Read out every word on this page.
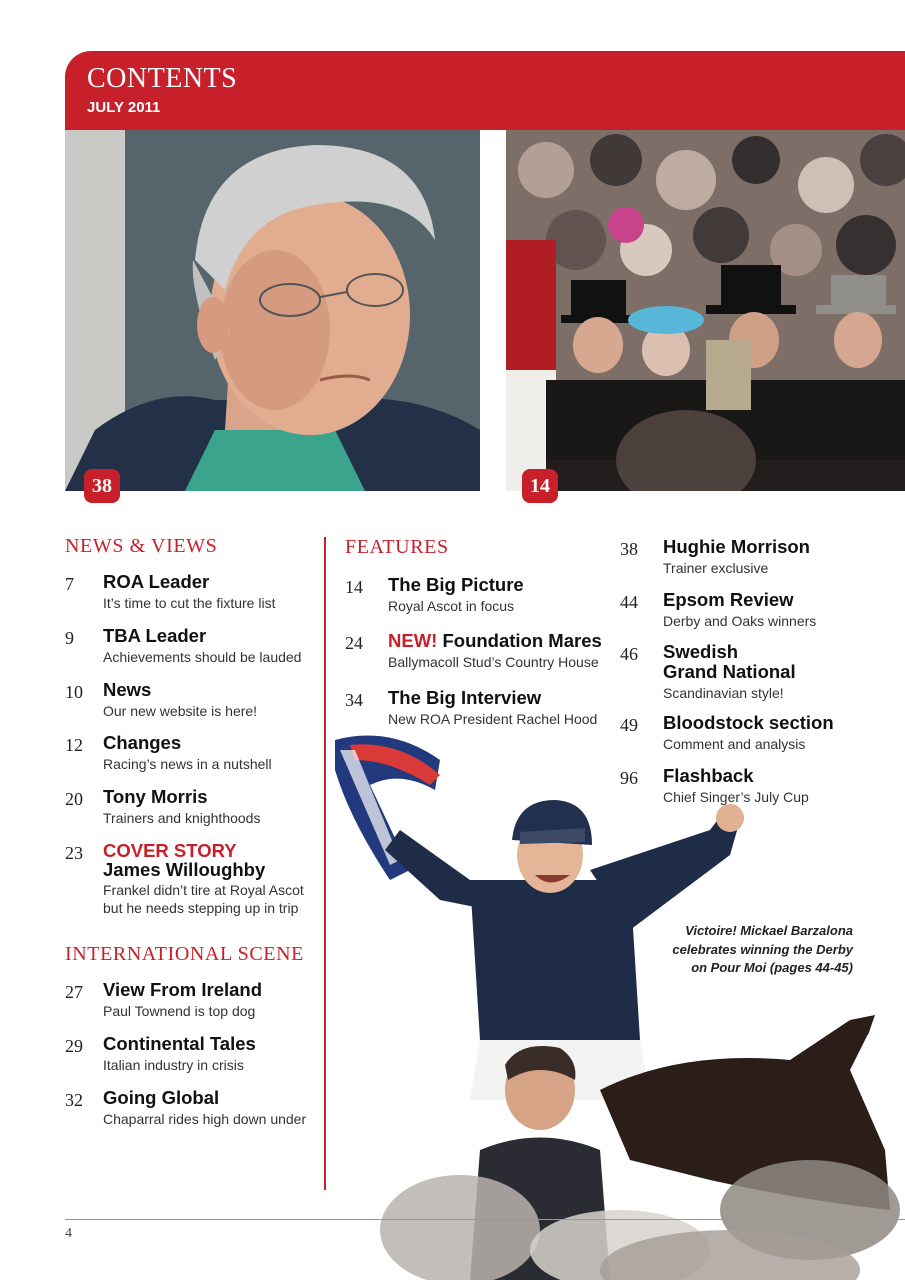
CONTENTS
JULY 2011
38	14
Victoire! Mickael Barzalona
celebrates winning the Derby
on Pour Moi (pages 44-45)
NEWS & VIEWS
7 ROA Leader
It’s time to cut the fixture list
9 TBA Leader
Achievements should be lauded
10 News
Our new website is here!
12 Changes
Racing’s news in a nutshell
20 Tony Morris
Trainers and knighthoods
23 COVER STORY
James Willoughby
Frankel didn’t tire at Royal Ascot
but he needs stepping up in trip
INTERNATIONAL SCENE
27 View From Ireland
Paul Townend is top dog
29 Continental Tales
Italian industry in crisis
32 Going Global
Chaparral rides high down under
FEATURES
14 The Big Picture
Royal Ascot in focus
24 NEW! Foundation Mares
Ballymacoll Stud’s Country House
34 The Big Interview
New ROA President Rachel Hood
38 Hughie Morrison
Trainer exclusive
44 Epsom Review
Derby and Oaks winners
46 Swedish
Grand National
Scandinavian style!
49 Bloodstock section
Comment and analysis
96 Flashback
Chief Singer’s July Cup
4
